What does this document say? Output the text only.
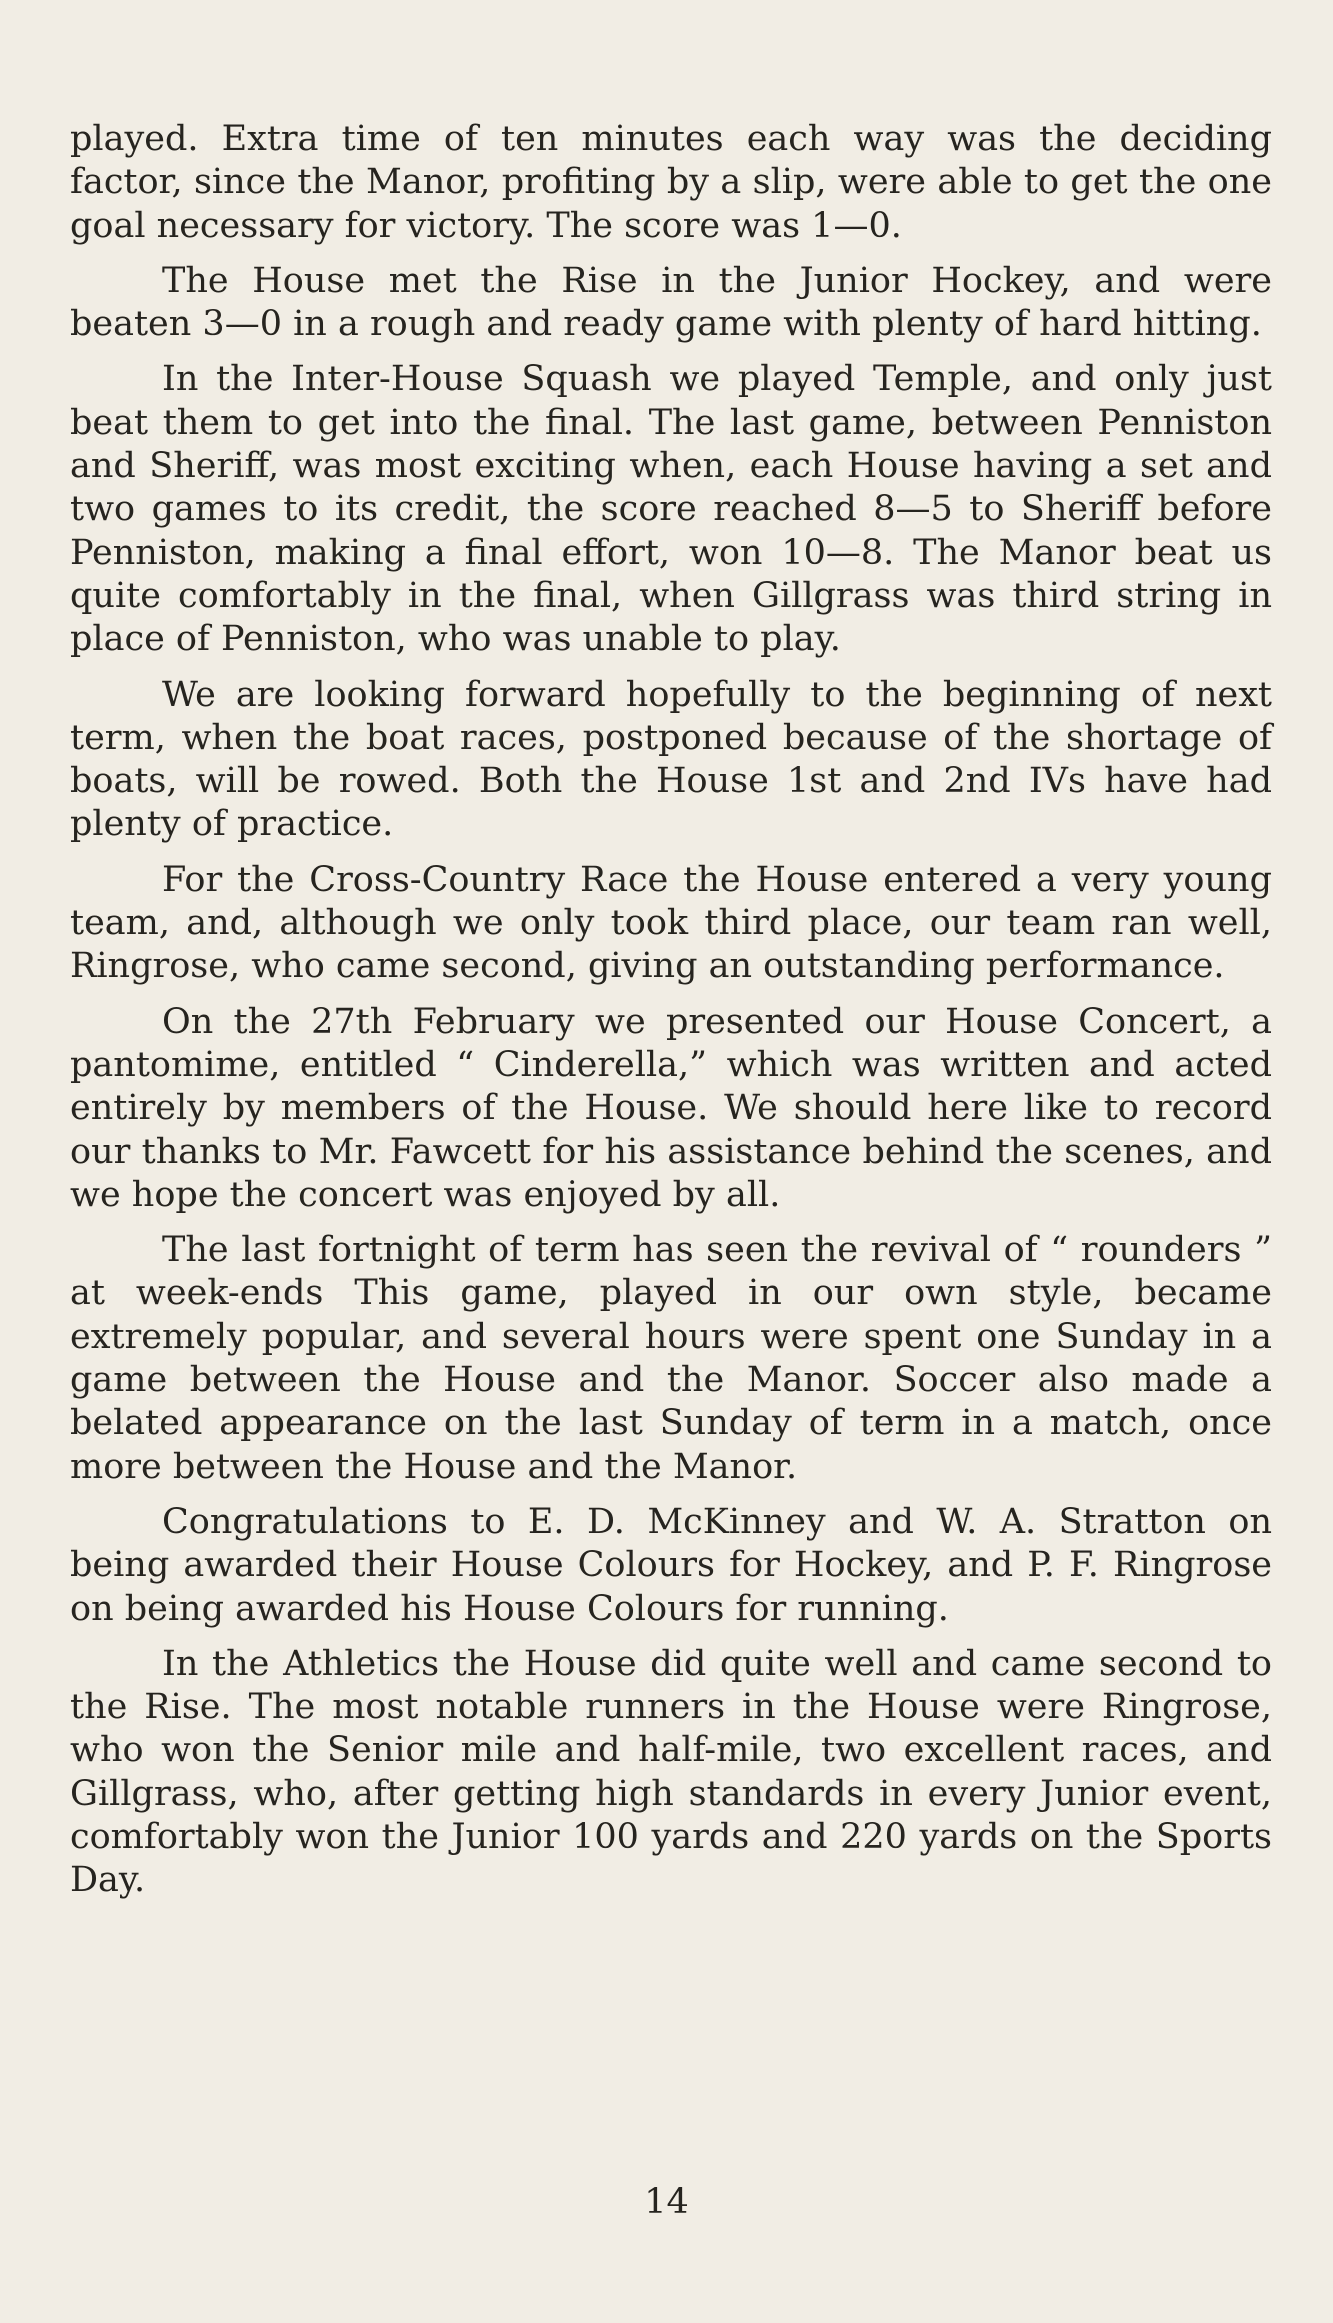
played. Extra time of ten minutes each way was the deciding factor, since the Manor, profiting by a slip, were able to get the one goal necessary for victory. The score was 1—0.

The House met the Rise in the Junior Hockey, and were beaten 3—0 in a rough and ready game with plenty of hard hitting.

In the Inter-House Squash we played Temple, and only just beat them to get into the final. The last game, between Penniston and Sheriff, was most exciting when, each House having a set and two games to its credit, the score reached 8—5 to Sheriff before Penniston, making a final effort, won 10—8. The Manor beat us quite comfortably in the final, when Gillgrass was third string in place of Penniston, who was unable to play.

We are looking forward hopefully to the beginning of next term, when the boat races, postponed because of the shortage of boats, will be rowed. Both the House 1st and 2nd IVs have had plenty of practice.

For the Cross-Country Race the House entered a very young team, and, although we only took third place, our team ran well, Ringrose, who came second, giving an outstanding performance.

On the 27th February we presented our House Concert, a pantomime, entitled “ Cinderella,” which was written and acted entirely by members of the House. We should here like to record our thanks to Mr. Fawcett for his assistance behind the scenes, and we hope the concert was enjoyed by all.

The last fortnight of term has seen the revival of “ rounders ” at week-ends This game, played in our own style, became extremely popular, and several hours were spent one Sunday in a game between the House and the Manor. Soccer also made a belated appearance on the last Sunday of term in a match, once more between the House and the Manor.

Congratulations to E. D. McKinney and W. A. Stratton on being awarded their House Colours for Hockey, and P. F. Ringrose on being awarded his House Colours for running.

In the Athletics the House did quite well and came second to the Rise. The most notable runners in the House were Ringrose, who won the Senior mile and half-mile, two excellent races, and Gillgrass, who, after getting high standards in every Junior event, comfortably won the Junior 100 yards and 220 yards on the Sports Day.

14
